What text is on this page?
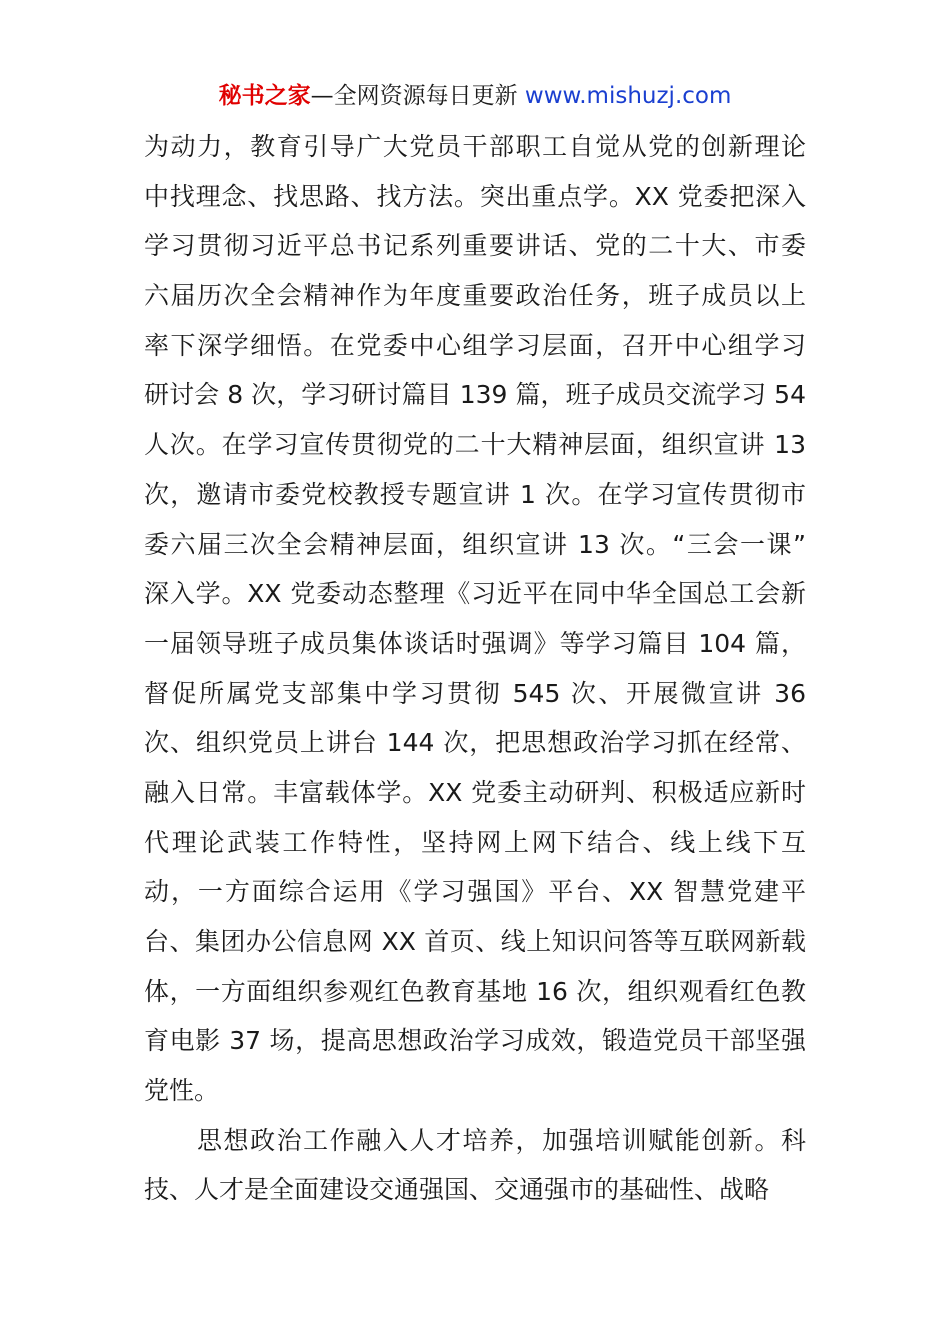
秘书之家—全网资源每日更新 www.mishuzj.com
为动力，教育引导广大党员干部职工自觉从党的创新理论
中找理念、找思路、找方法。突出重点学。XX 党委把深入
学习贯彻习近平总书记系列重要讲话、党的二十大、市委
六届历次全会精神作为年度重要政治任务，班子成员以上
率下深学细悟。在党委中心组学习层面，召开中心组学习
研讨会 8 次，学习研讨篇目 139 篇，班子成员交流学习 54
人次。在学习宣传贯彻党的二十大精神层面，组织宣讲 13
次，邀请市委党校教授专题宣讲 1 次。在学习宣传贯彻市
委六届三次全会精神层面，组织宣讲 13 次。“三会一课”
深入学。XX 党委动态整理《习近平在同中华全国总工会新
一届领导班子成员集体谈话时强调》等学习篇目 104 篇，
督促所属党支部集中学习贯彻 545 次、开展微宣讲 36
次、组织党员上讲台 144 次，把思想政治学习抓在经常、
融入日常。丰富载体学。XX 党委主动研判、积极适应新时
代理论武装工作特性，坚持网上网下结合、线上线下互
动，一方面综合运用《学习强国》平台、XX 智慧党建平
台、集团办公信息网 XX 首页、线上知识问答等互联网新载
体，一方面组织参观红色教育基地 16 次，组织观看红色教
育电影 37 场，提高思想政治学习成效，锻造党员干部坚强
党性。
思想政治工作融入人才培养，加强培训赋能创新。科
技、人才是全面建设交通强国、交通强市的基础性、战略
